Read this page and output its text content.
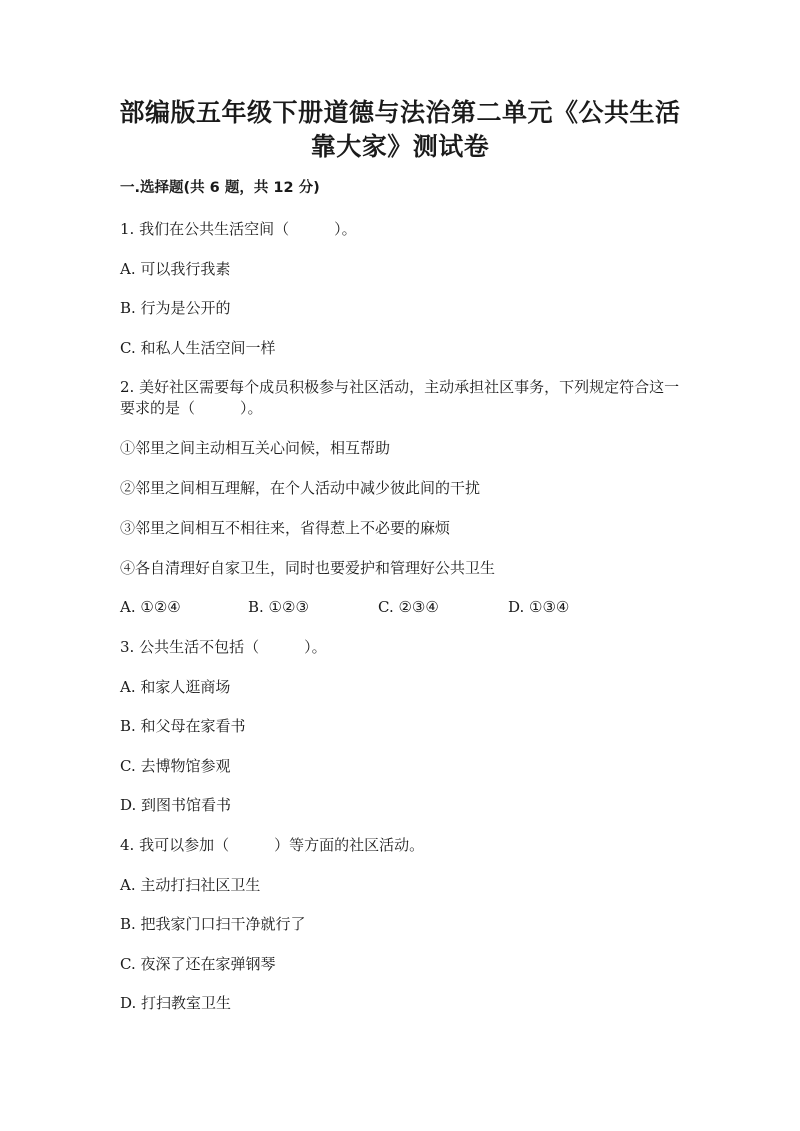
部编版五年级下册道德与法治第二单元《公共生活
靠大家》测试卷
一.选择题(共 6 题，共 12 分)
1. 我们在公共生活空间（　　　）。
A. 可以我行我素
B. 行为是公开的
C. 和私人生活空间一样
2. 美好社区需要每个成员积极参与社区活动，主动承担社区事务，下列规定符合这一要求的是（　　　）。
①邻里之间主动相互关心问候，相互帮助
②邻里之间相互理解，在个人活动中减少彼此间的干扰
③邻里之间相互不相往来，省得惹上不必要的麻烦
④各自清理好自家卫生，同时也要爱护和管理好公共卫生
A. ①②④	B. ①②③	C. ②③④	D. ①③④
3. 公共生活不包括（　　　）。
A. 和家人逛商场
B. 和父母在家看书
C. 去博物馆参观
D. 到图书馆看书
4. 我可以参加（　　　）等方面的社区活动。
A. 主动打扫社区卫生
B. 把我家门口扫干净就行了
C. 夜深了还在家弹钢琴
D. 打扫教室卫生
